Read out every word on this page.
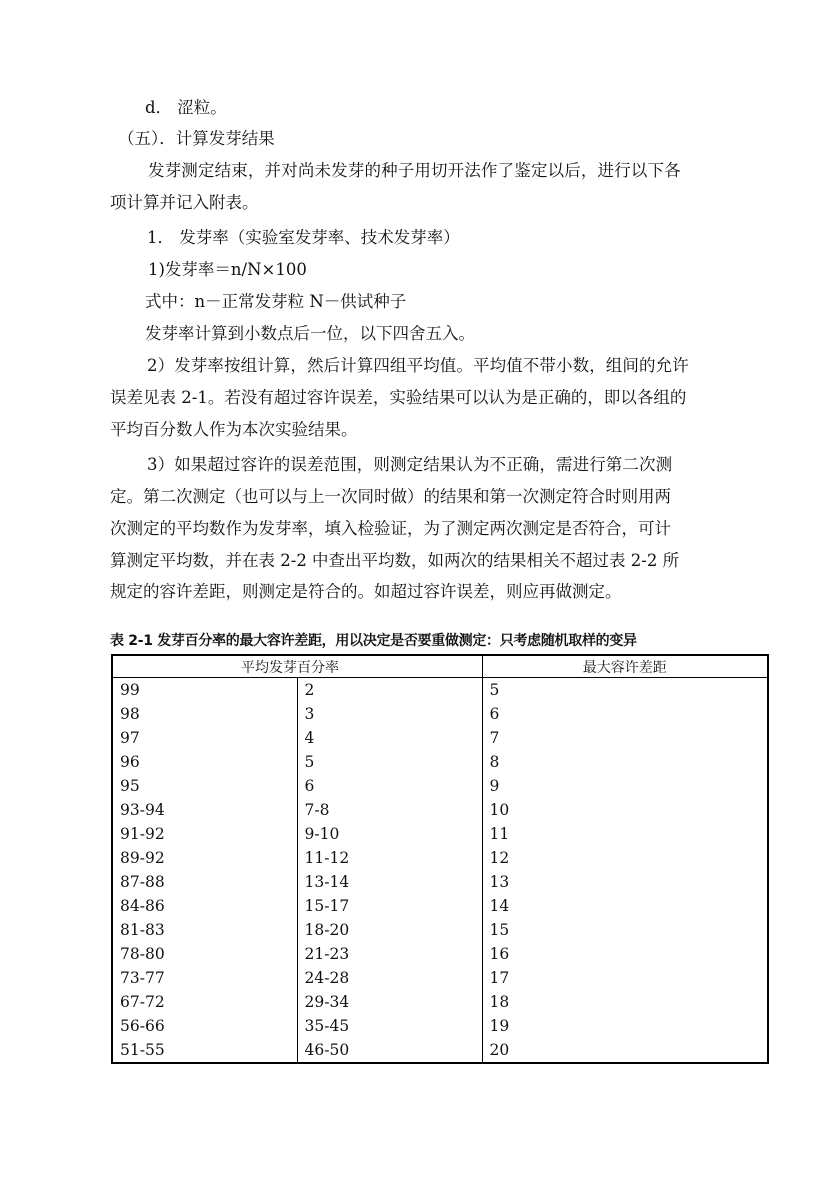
d． 涩粒。
（五）．计算发芽结果
发芽测定结束，并对尚未发芽的种子用切开法作了鉴定以后，进行以下各
项计算并记入附表。
1． 发芽率（实验室发芽率、技术发芽率）
1)发芽率＝n/N×100
式中：n－正常发芽粒 N－供试种子
发芽率计算到小数点后一位，以下四舍五入。
2）发芽率按组计算，然后计算四组平均值。平均值不带小数，组间的允许
误差见表 2-1。若没有超过容许误差，实验结果可以认为是正确的，即以各组的
平均百分数人作为本次实验结果。
3）如果超过容许的误差范围，则测定结果认为不正确，需进行第二次测
定。第二次测定（也可以与上一次同时做）的结果和第一次测定符合时则用两
次测定的平均数作为发芽率，填入检验证，为了测定两次测定是否符合，可计
算测定平均数，并在表 2-2 中查出平均数，如两次的结果相关不超过表 2-2 所
规定的容许差距，则测定是符合的。如超过容许误差，则应再做测定。
表 2-1 发芽百分率的最大容许差距，用以决定是否要重做测定：只考虑随机取样的变异
平均发芽百分率		最大容许差距
99	2	5
98	3	6
97	4	7
96	5	8
95	6	9
93-94	7-8	10
91-92	9-10	11
89-92	11-12	12
87-88	13-14	13
84-86	15-17	14
81-83	18-20	15
78-80	21-23	16
73-77	24-28	17
67-72	29-34	18
56-66	35-45	19
51-55	46-50	20
